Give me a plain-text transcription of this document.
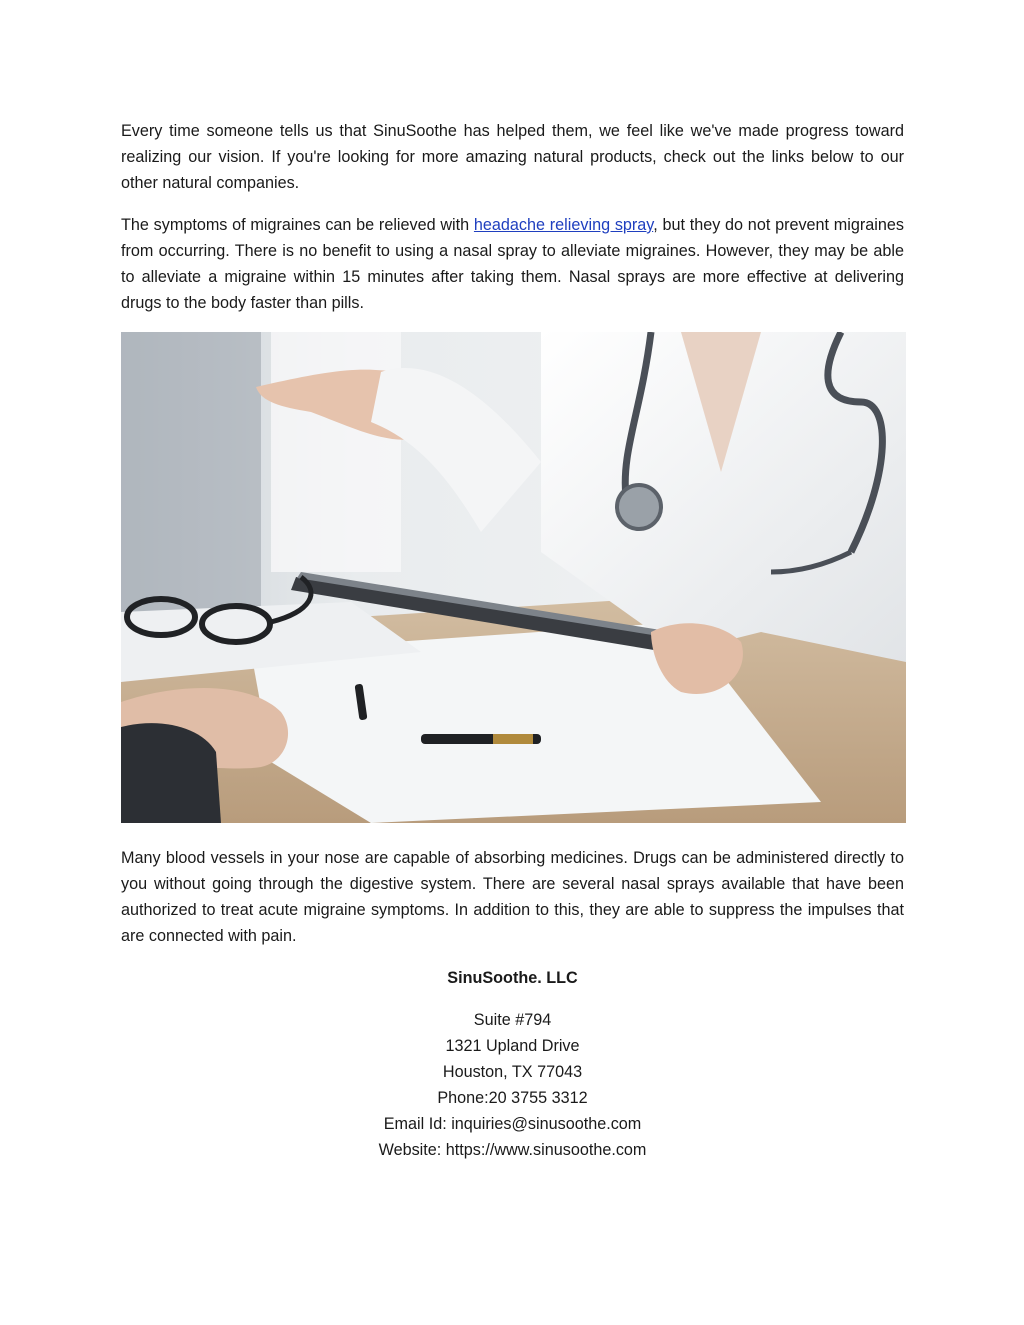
Every time someone tells us that SinuSoothe has helped them, we feel like we've made progress toward realizing our vision. If you're looking for more amazing natural products, check out the links below to our other natural companies.

The symptoms of migraines can be relieved with headache relieving spray, but they do not prevent migraines from occurring. There is no benefit to using a nasal spray to alleviate migraines. However, they may be able to alleviate a migraine within 15 minutes after taking them. Nasal sprays are more effective at delivering drugs to the body faster than pills.

Many blood vessels in your nose are capable of absorbing medicines. Drugs can be administered directly to you without going through the digestive system. There are several nasal sprays available that have been authorized to treat acute migraine symptoms. In addition to this, they are able to suppress the impulses that are connected with pain.

SinuSoothe. LLC
Suite #794
1321 Upland Drive
Houston, TX 77043
Phone:20 3755 3312
Email Id: inquiries@sinusoothe.com
Website: https://www.sinusoothe.com
